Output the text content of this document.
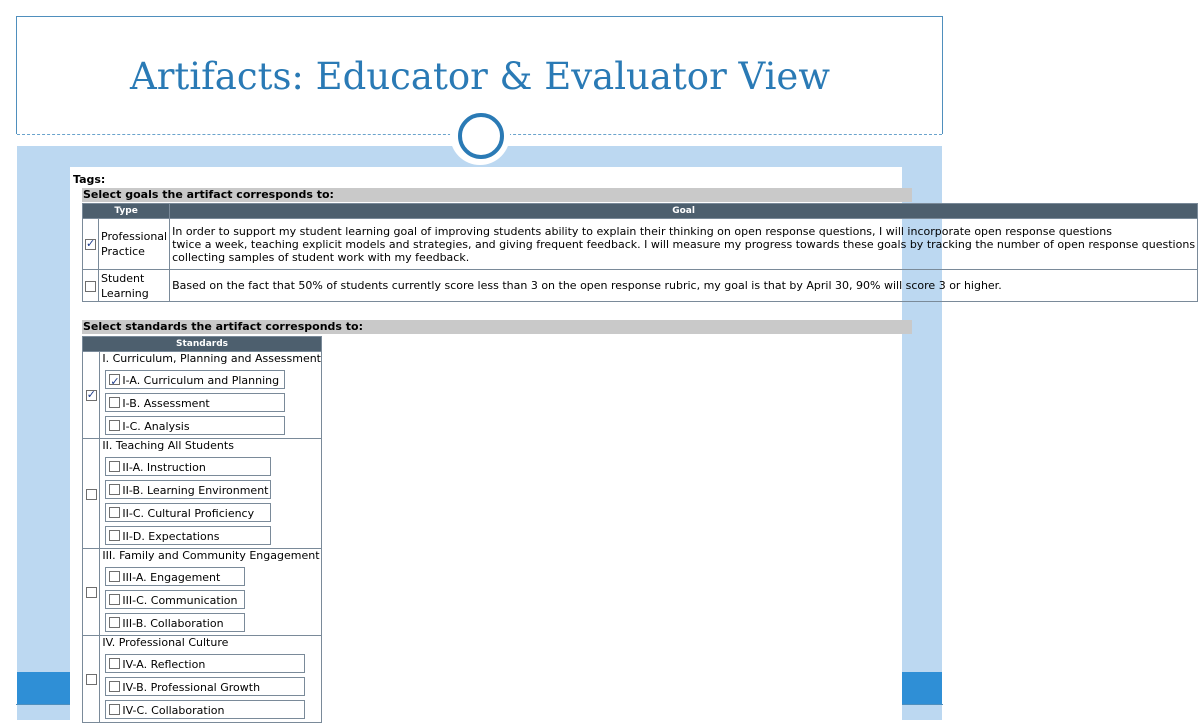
Artifacts: Educator & Evaluator View
Tags:
Select goals the artifact corresponds to:
Type		Goal
✓	Professional Practice	In order to support my student learning goal of improving students ability to explain their thinking on open response questions, I will incorporate open response questions
twice a week, teaching explicit models and strategies, and giving frequent feedback. I will measure my progress towards these goals by tracking the number of open response questions
collecting samples of student work with my feedback.

	Student Learning	Based on the fact that 50% of students currently score less than 3 on the open response rubric, my goal is that by April 30, 90% will score 3 or higher.
Select standards the artifact corresponds to:
Standards	
✓	
I. Curriculum, Planning and Assessment
✓I-A. Curriculum and Planning
I-B. Assessment
I-C. Analysis

	II. Teaching All Students
II-A. Instruction
II-B. Learning Environment
II-C. Cultural Proficiency
II-D. Expectations

	III. Family and Community Engagement
III-A. Engagement
III-C. Communication
III-B. Collaboration

	IV. Professional Culture
IV-A. Reflection
IV-B. Professional Growth
IV-C. Collaboration
